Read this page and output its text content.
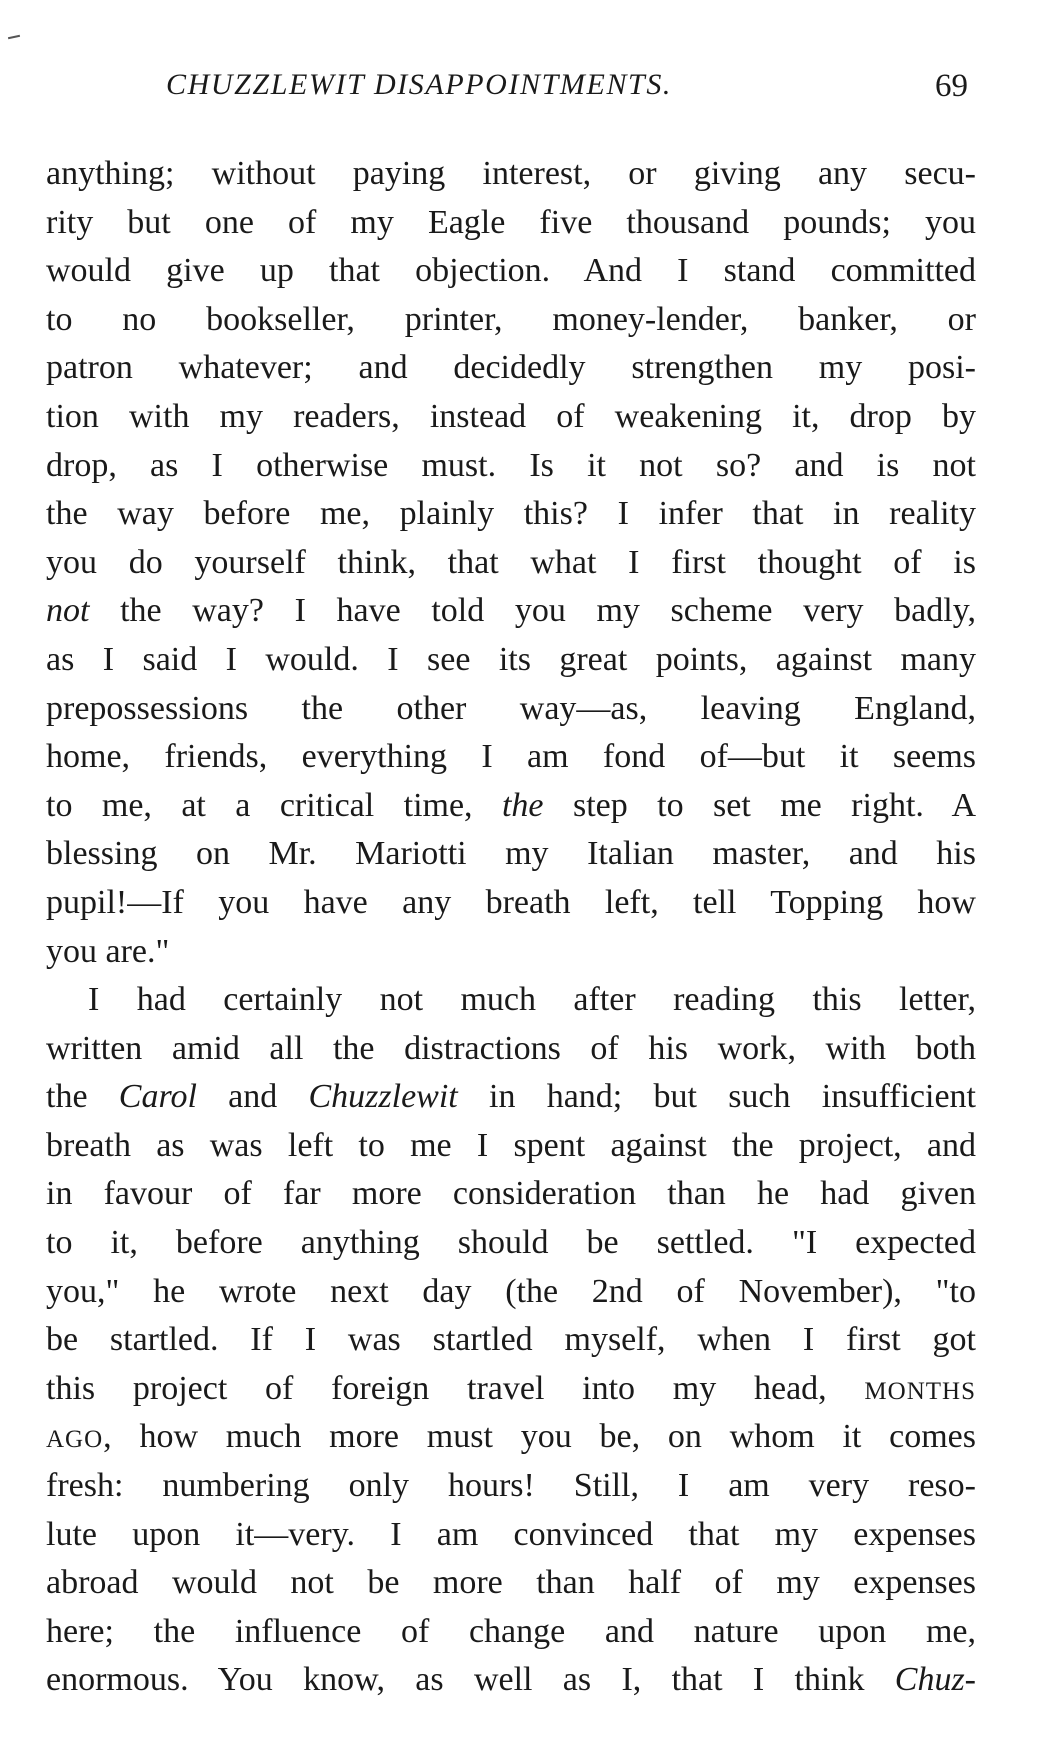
CHUZZLEWIT DISAPPOINTMENTS.	69
anything; without paying interest, or giving any secu-
rity but one of my Eagle five thousand pounds; you
would give up that objection. And I stand committed
to no bookseller, printer, money-lender, banker, or
patron whatever; and decidedly strengthen my posi-
tion with my readers, instead of weakening it, drop by
drop, as I otherwise must. Is it not so? and is not
the way before me, plainly this? I infer that in reality
you do yourself think, that what I first thought of is
not the way? I have told you my scheme very badly,
as I said I would. I see its great points, against many
prepossessions the other way—as, leaving England,
home, friends, everything I am fond of—but it seems
to me, at a critical time, the step to set me right. A
blessing on Mr. Mariotti my Italian master, and his
pupil!—If you have any breath left, tell Topping how
you are."
I had certainly not much after reading this letter,
written amid all the distractions of his work, with both
the Carol and Chuzzlewit in hand; but such insufficient
breath as was left to me I spent against the project, and
in favour of far more consideration than he had given
to it, before anything should be settled. "I expected
you," he wrote next day (the 2nd of November), "to
be startled. If I was startled myself, when I first got
this project of foreign travel into my head, MONTHS
AGO, how much more must you be, on whom it comes
fresh: numbering only hours! Still, I am very reso-
lute upon it—very. I am convinced that my expenses
abroad would not be more than half of my expenses
here; the influence of change and nature upon me,
enormous. You know, as well as I, that I think Chuz-
